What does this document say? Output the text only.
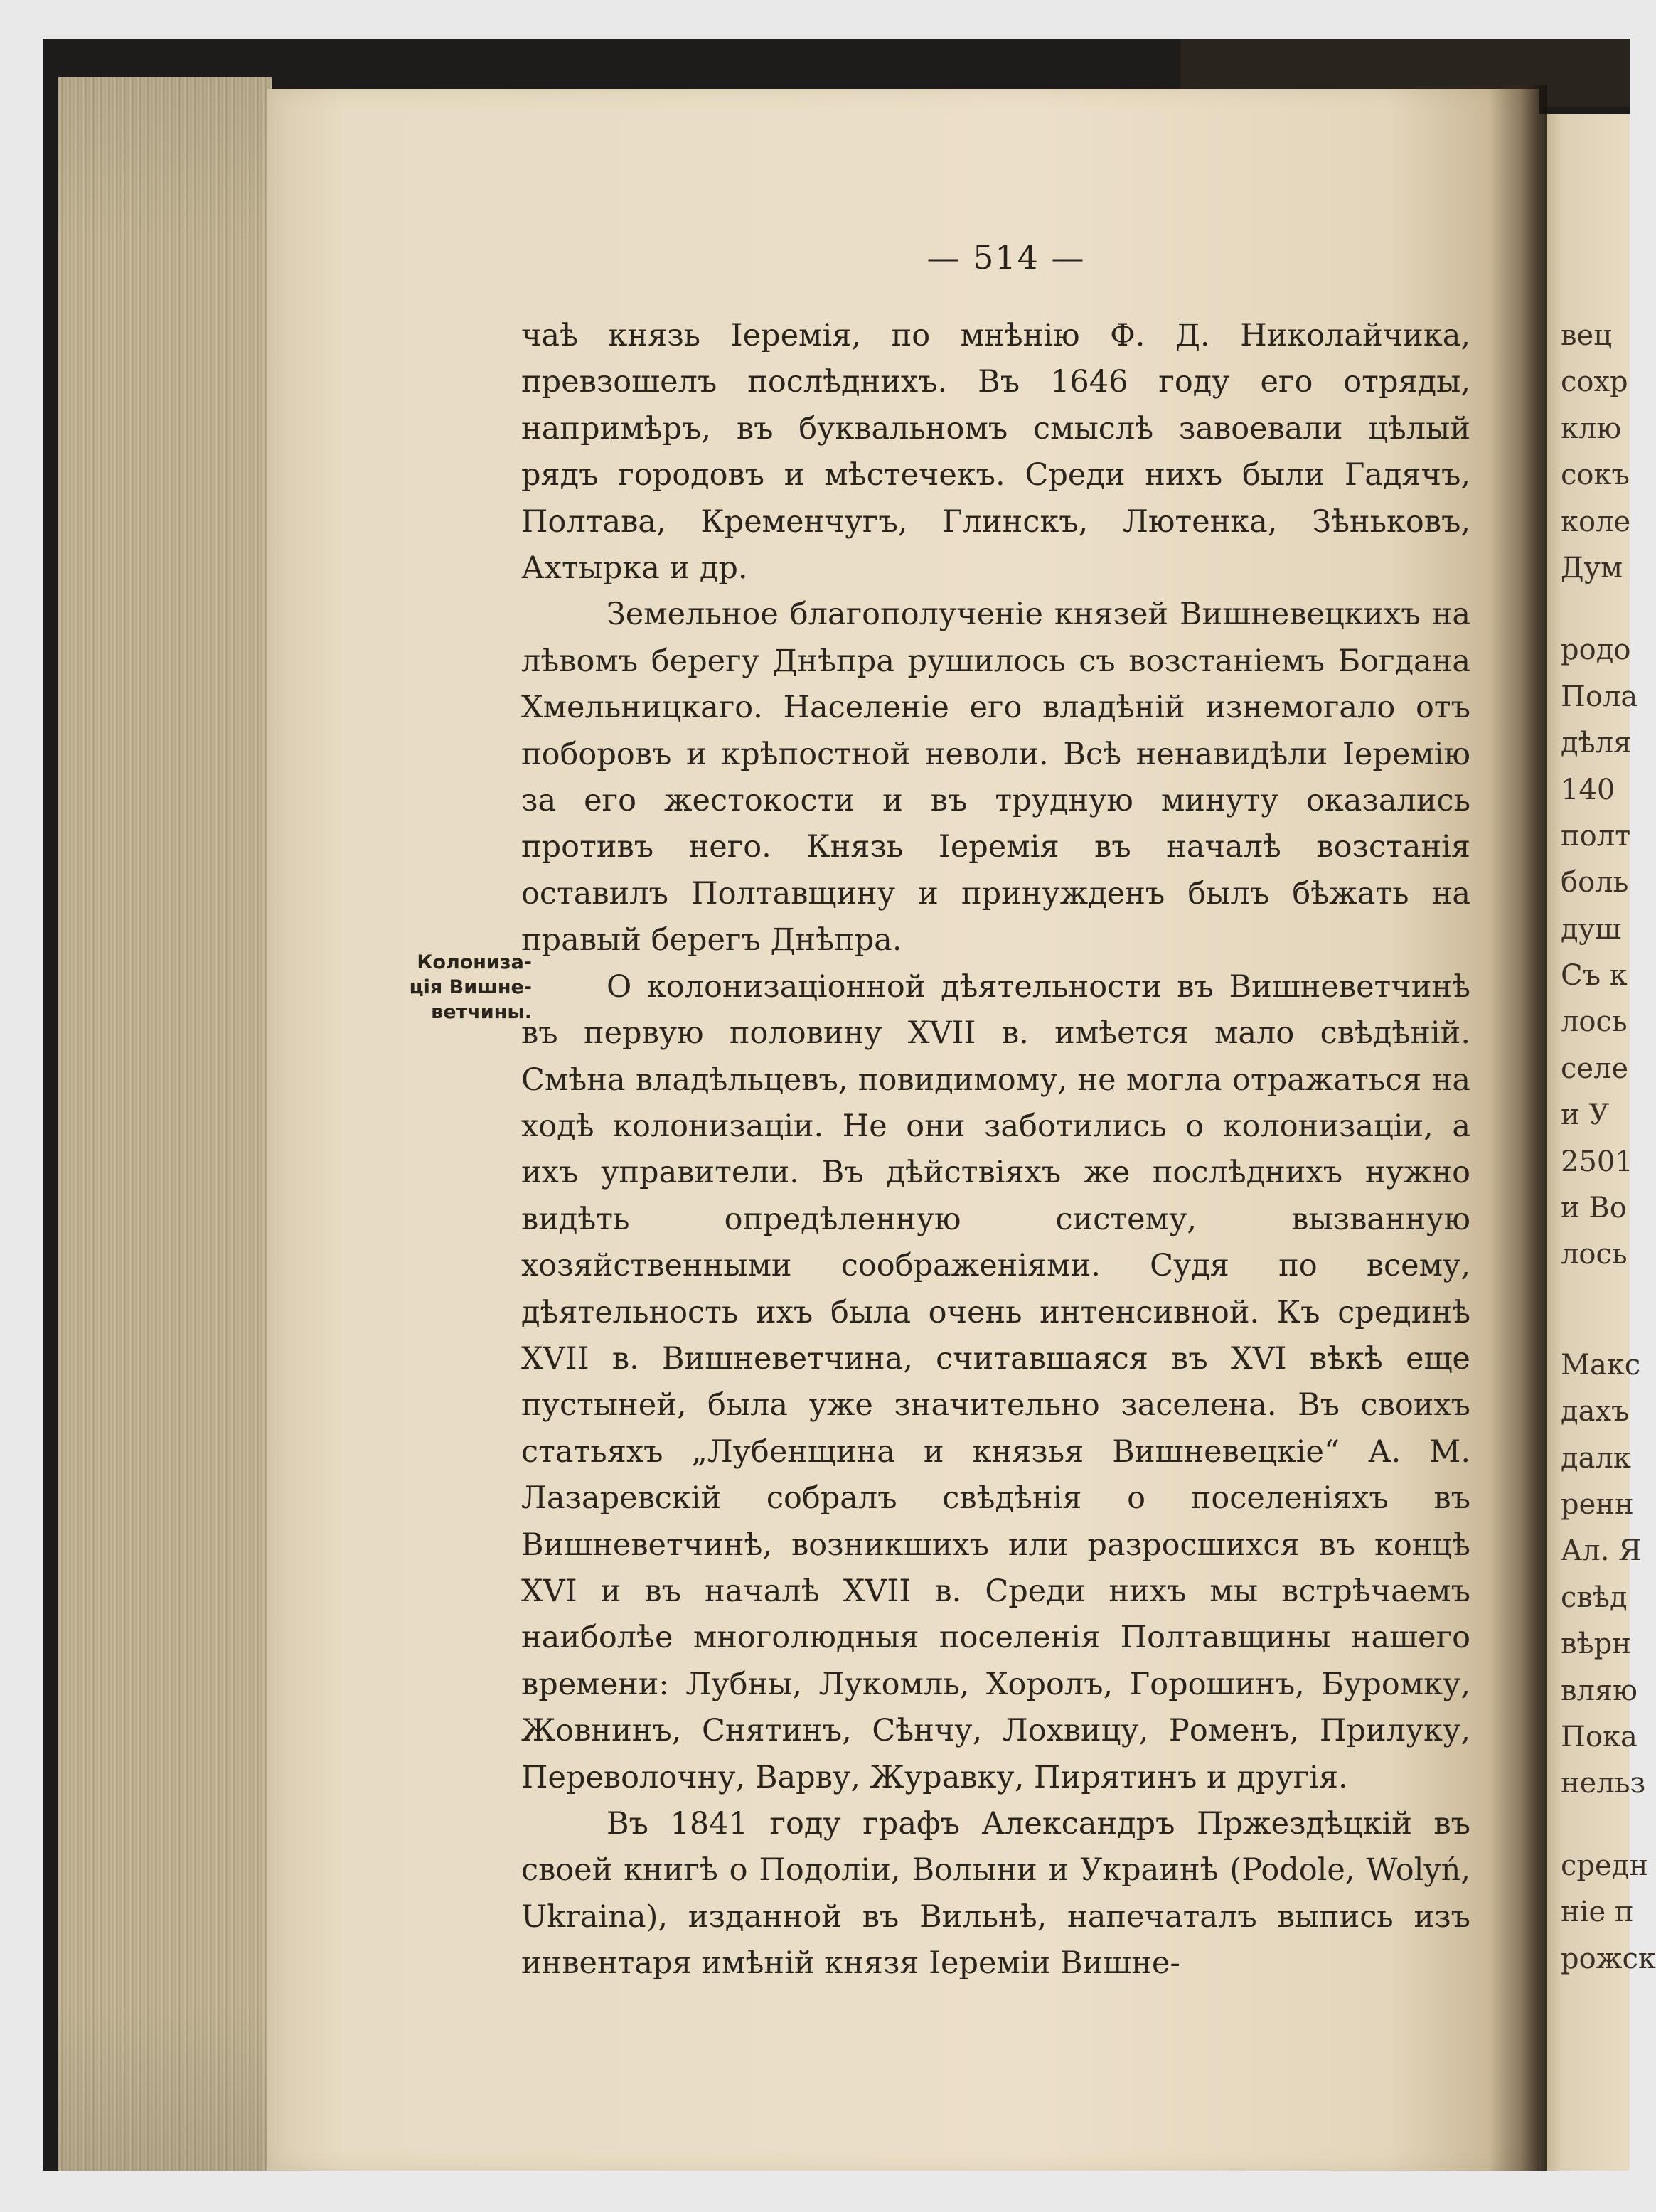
— 514 —
Колониза-
ція Вишне-
ветчины.

чаѣ князь Іеремія, по мнѣнію Ф. Д. Николайчика, превзошелъ послѣднихъ. Въ 1646 году его отряды, напримѣръ, въ буквальномъ смыслѣ завоевали цѣлый рядъ городовъ и мѣстечекъ. Среди нихъ были Гадячъ, Полтава, Кременчугъ, Глинскъ, Лютенка, Зѣньковъ, Ахтырка и др.

Земельное благополученіе князей Вишневецкихъ на лѣвомъ берегу Днѣпра рушилось съ возстаніемъ Богдана Хмельницкаго. Населеніе его владѣній изнемогало отъ поборовъ и крѣпостной неволи. Всѣ ненавидѣли Іеремію за его жестокости и въ трудную минуту оказались противъ него. Князь Іеремія въ началѣ возстанія оставилъ Полтавщину и принужденъ былъ бѣжать на правый берегъ Днѣпра.

О колонизаціонной дѣятельности въ Вишневетчинѣ въ первую половину XVII в. имѣется мало свѣдѣній. Смѣна владѣльцевъ, повидимому, не могла отражаться на ходѣ колонизаціи. Не они заботились о колонизаціи, а ихъ управители. Въ дѣйствіяхъ же послѣднихъ нужно видѣть опредѣленную систему, вызванную хозяйственными соображеніями. Судя по всему, дѣятельность ихъ была очень интенсивной. Къ срединѣ XVII в. Вишневетчина, считавшаяся въ XVI вѣкѣ еще пустыней, была уже значительно заселена. Въ своихъ статьяхъ „Лубенщина и князья Вишневецкіе“ А. М. Лазаревскій собралъ свѣдѣнія о поселеніяхъ въ Вишневетчинѣ, возникшихъ или разросшихся въ концѣ XVI и въ началѣ XVII в. Среди нихъ мы встрѣчаемъ наиболѣе многолюдныя поселенія Полтавщины нашего времени: Лубны, Лукомль, Хоролъ, Горошинъ, Буромку, Жовнинъ, Снятинъ, Сѣнчу, Лохвицу, Роменъ, Прилуку, Переволочну, Варву, Журавку, Пирятинъ и другія.

Въ 1841 году графъ Александръ Пржездѣцкій въ своей книгѣ о Подоліи, Волыни и Украинѣ (Podole, Wolyń, Ukraina), изданной въ Вильнѣ, напечаталъ выпись изъ инвентаря имѣній князя Іереміи Вишне-

вец
сохр
клю
сокъ
коле
Дум
родо
Пола
дѣля
140
полт
боль
душ
Съ к
лось
селе
и У
2501
и Во
лось
Макс
дахъ
далк
ренн
Ал. Я
свѣд
вѣрн
вляю
Пока
нельз
средн
ніе п
рожск
